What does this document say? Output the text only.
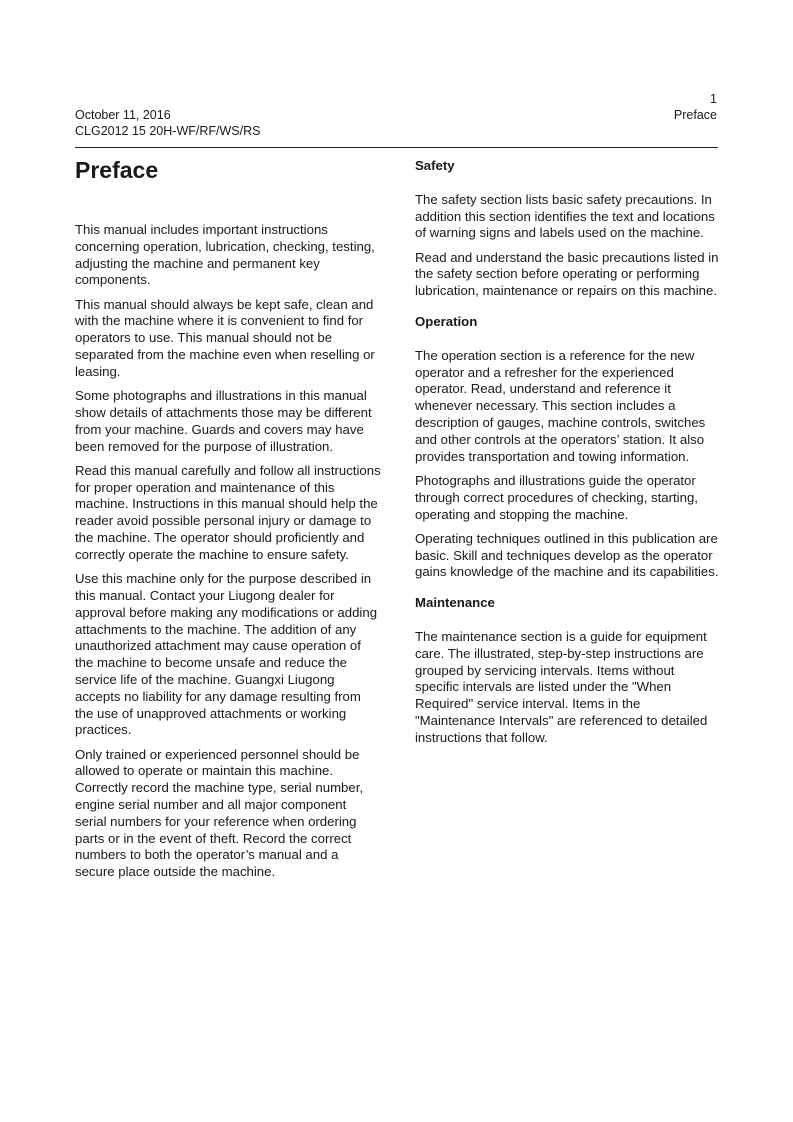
October 11, 2016
CLG2012 15 20H-WF/RF/WS/RS
1
Preface
Preface

This manual includes important instructions concerning operation, lubrication, checking, testing, adjusting the machine and permanent key components.

This manual should always be kept safe, clean and with the machine where it is convenient to find for operators to use. This manual should not be separated from the machine even when reselling or leasing.

Some photographs and illustrations in this manual show details of attachments those may be different from your machine. Guards and covers may have been removed for the purpose of illustration.

Read this manual carefully and follow all instructions for proper operation and maintenance of this machine. Instructions in this manual should help the reader avoid possible personal injury or damage to the machine. The operator should proficiently and correctly operate the machine to ensure safety.

Use this machine only for the purpose described in this manual. Contact your Liugong dealer for approval before making any modifications or adding attachments to the machine. The addition of any unauthorized attachment may cause operation of the machine to become unsafe and reduce the service life of the machine. Guangxi Liugong accepts no liability for any damage resulting from the use of unapproved attachments or working practices.

Only trained or experienced personnel should be allowed to operate or maintain this machine. Correctly record the machine type, serial number, engine serial number and all major component serial numbers for your reference when ordering parts or in the event of theft. Record the correct numbers to both the operator’s manual and a secure place outside the machine.

Safety

The safety section lists basic safety precautions. In addition this section identifies the text and locations of warning signs and labels used on the machine.

Read and understand the basic precautions listed in the safety section before operating or performing lubrication, maintenance or repairs on this machine.

Operation

The operation section is a reference for the new operator and a refresher for the experienced operator. Read, understand and reference it whenever necessary. This section includes a description of gauges, machine controls, switches and other controls at the operators’ station. It also provides transportation and towing information.

Photographs and illustrations guide the operator through correct procedures of checking, starting, operating and stopping the machine.

Operating techniques outlined in this publication are basic. Skill and techniques develop as the operator gains knowledge of the machine and its capabilities.

Maintenance

The maintenance section is a guide for equipment care. The illustrated, step-by-step instructions are grouped by servicing intervals. Items without specific intervals are listed under the "When Required" service interval. Items in the "Maintenance Intervals" are referenced to detailed instructions that follow.
